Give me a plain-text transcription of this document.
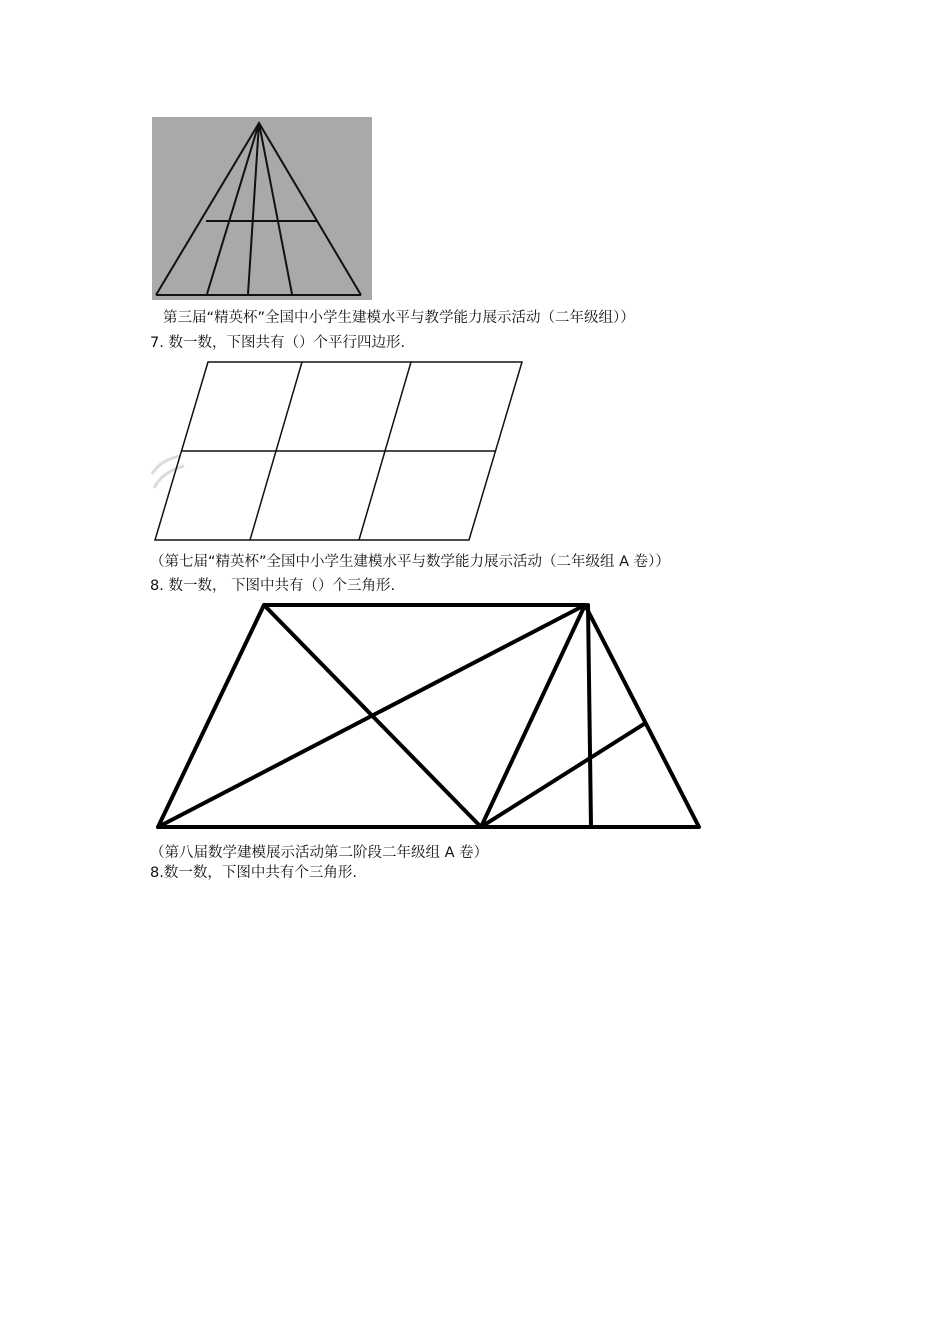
第三届“精英杯”全国中小学生建模水平与教学能力展示活动（二年级组））
7. 数一数，下图共有（）个平行四边形.
（第七届“精英杯”全国中小学生建模水平与数学能力展示活动（二年级组 A 卷））
8. 数一数， 下图中共有（）个三角形.
（第八届数学建模展示活动第二阶段二年级组 A 卷）
8.数一数，下图中共有个三角形.
